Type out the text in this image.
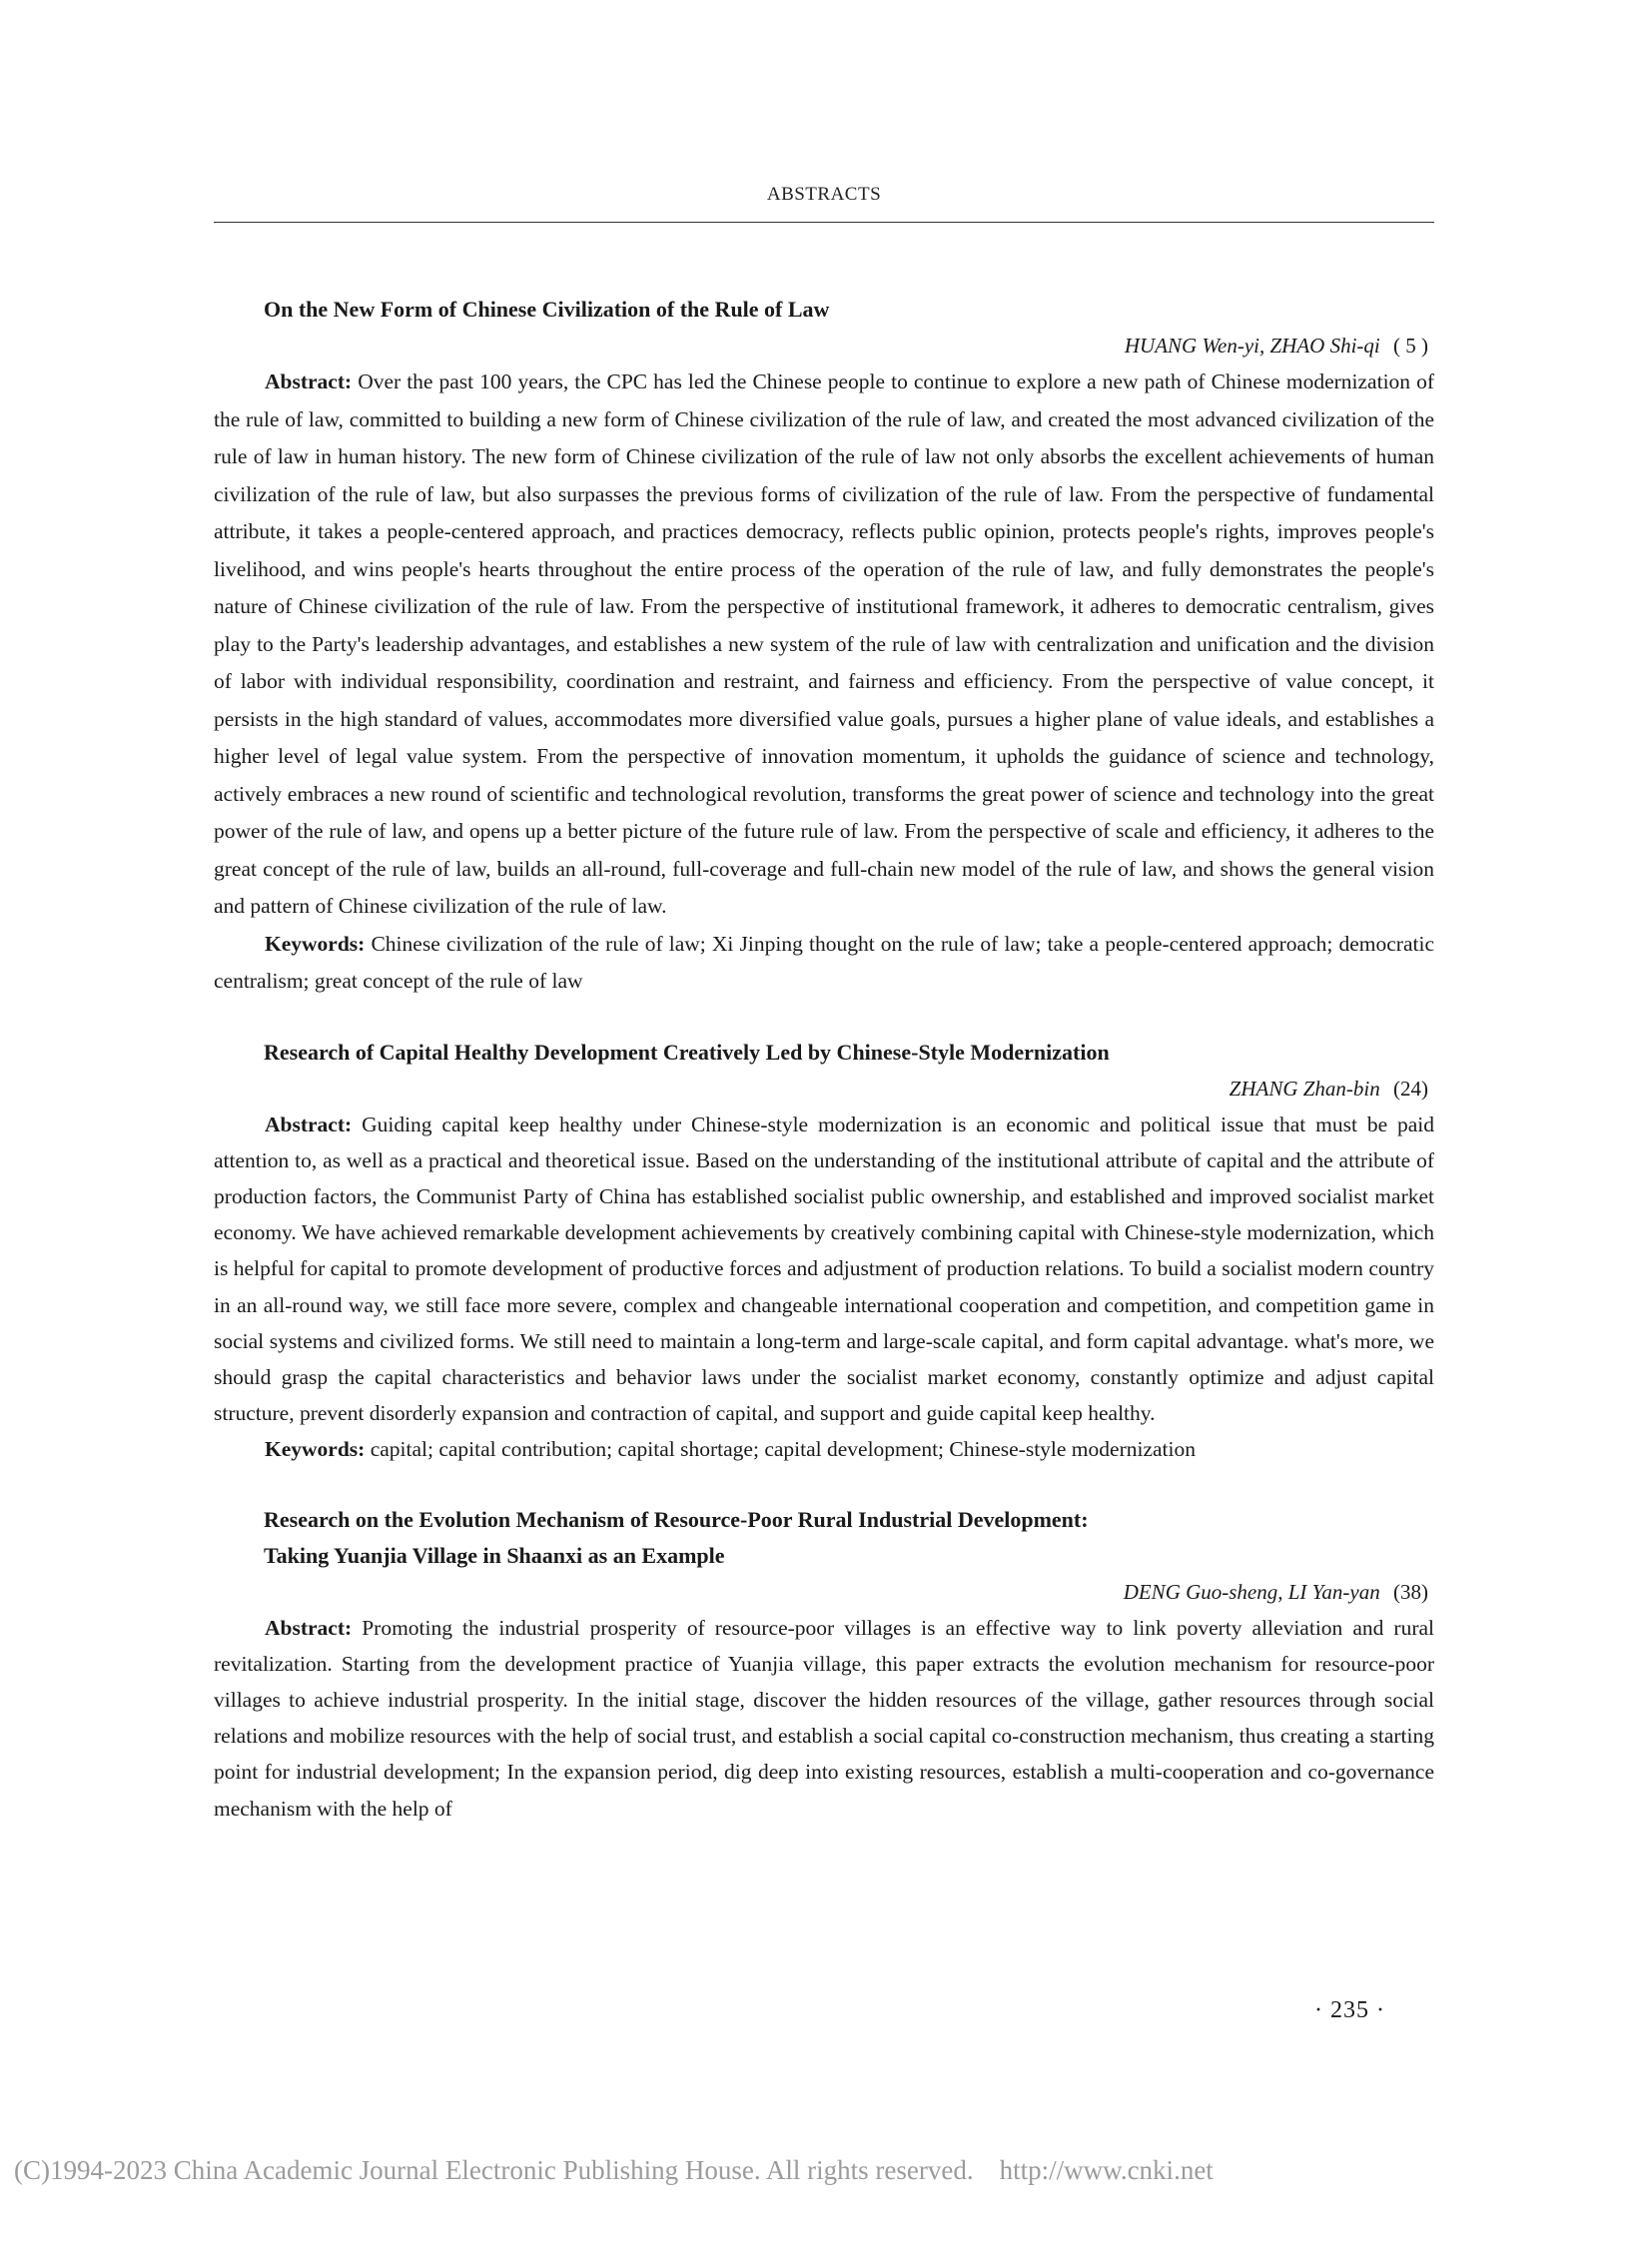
ABSTRACTS
On the New Form of Chinese Civilization of the Rule of Law

HUANG Wen-yi, ZHAO Shi-qi ( 5 )

Abstract: Over the past 100 years, the CPC has led the Chinese people to continue to explore a new path of Chinese modernization of the rule of law, committed to building a new form of Chinese civilization of the rule of law, and created the most advanced civilization of the rule of law in human history. The new form of Chinese civilization of the rule of law not only absorbs the excellent achievements of human civilization of the rule of law, but also surpasses the previous forms of civilization of the rule of law. From the perspective of fundamental attribute, it takes a people-centered approach, and practices democracy, reflects public opinion, protects people's rights, improves people's livelihood, and wins people's hearts throughout the entire process of the operation of the rule of law, and fully demonstrates the people's nature of Chinese civilization of the rule of law. From the perspective of institutional framework, it adheres to democratic centralism, gives play to the Party's leadership advantages, and establishes a new system of the rule of law with centralization and unification and the division of labor with individual responsibility, coordination and restraint, and fairness and efficiency. From the perspective of value concept, it persists in the high standard of values, accommodates more diversified value goals, pursues a higher plane of value ideals, and establishes a higher level of legal value system. From the perspective of innovation momentum, it upholds the guidance of science and technology, actively embraces a new round of scientific and technological revolution, transforms the great power of science and technology into the great power of the rule of law, and opens up a better picture of the future rule of law. From the perspective of scale and efficiency, it adheres to the great concept of the rule of law, builds an all-round, full-coverage and full-chain new model of the rule of law, and shows the general vision and pattern of Chinese civilization of the rule of law.

Keywords: Chinese civilization of the rule of law; Xi Jinping thought on the rule of law; take a people-centered approach; democratic centralism; great concept of the rule of law

Research of Capital Healthy Development Creatively Led by Chinese-Style Modernization

ZHANG Zhan-bin (24)

Abstract: Guiding capital keep healthy under Chinese-style modernization is an economic and political issue that must be paid attention to, as well as a practical and theoretical issue. Based on the understanding of the institutional attribute of capital and the attribute of production factors, the Communist Party of China has established socialist public ownership, and established and improved socialist market economy. We have achieved remarkable development achievements by creatively combining capital with Chinese-style modernization, which is helpful for capital to promote development of productive forces and adjustment of production relations. To build a socialist modern country in an all-round way, we still face more severe, complex and changeable international cooperation and competition, and competition game in social systems and civilized forms. We still need to maintain a long-term and large-scale capital, and form capital advantage. what's more, we should grasp the capital characteristics and behavior laws under the socialist market economy, constantly optimize and adjust capital structure, prevent disorderly expansion and contraction of capital, and support and guide capital keep healthy.

Keywords: capital; capital contribution; capital shortage; capital development; Chinese-style modernization

Research on the Evolution Mechanism of Resource-Poor Rural Industrial Development:
Taking Yuanjia Village in Shaanxi as an Example

DENG Guo-sheng, LI Yan-yan (38)

Abstract: Promoting the industrial prosperity of resource-poor villages is an effective way to link poverty alleviation and rural revitalization. Starting from the development practice of Yuanjia village, this paper extracts the evolution mechanism for resource-poor villages to achieve industrial prosperity. In the initial stage, discover the hidden resources of the village, gather resources through social relations and mobilize resources with the help of social trust, and establish a social capital co-construction mechanism, thus creating a starting point for industrial development; In the expansion period, dig deep into existing resources, establish a multi-cooperation and co-governance mechanism with the help of

· 235 ·
(C)1994-2023 China Academic Journal Electronic Publishing House. All rights reserved. http://www.cnki.net
